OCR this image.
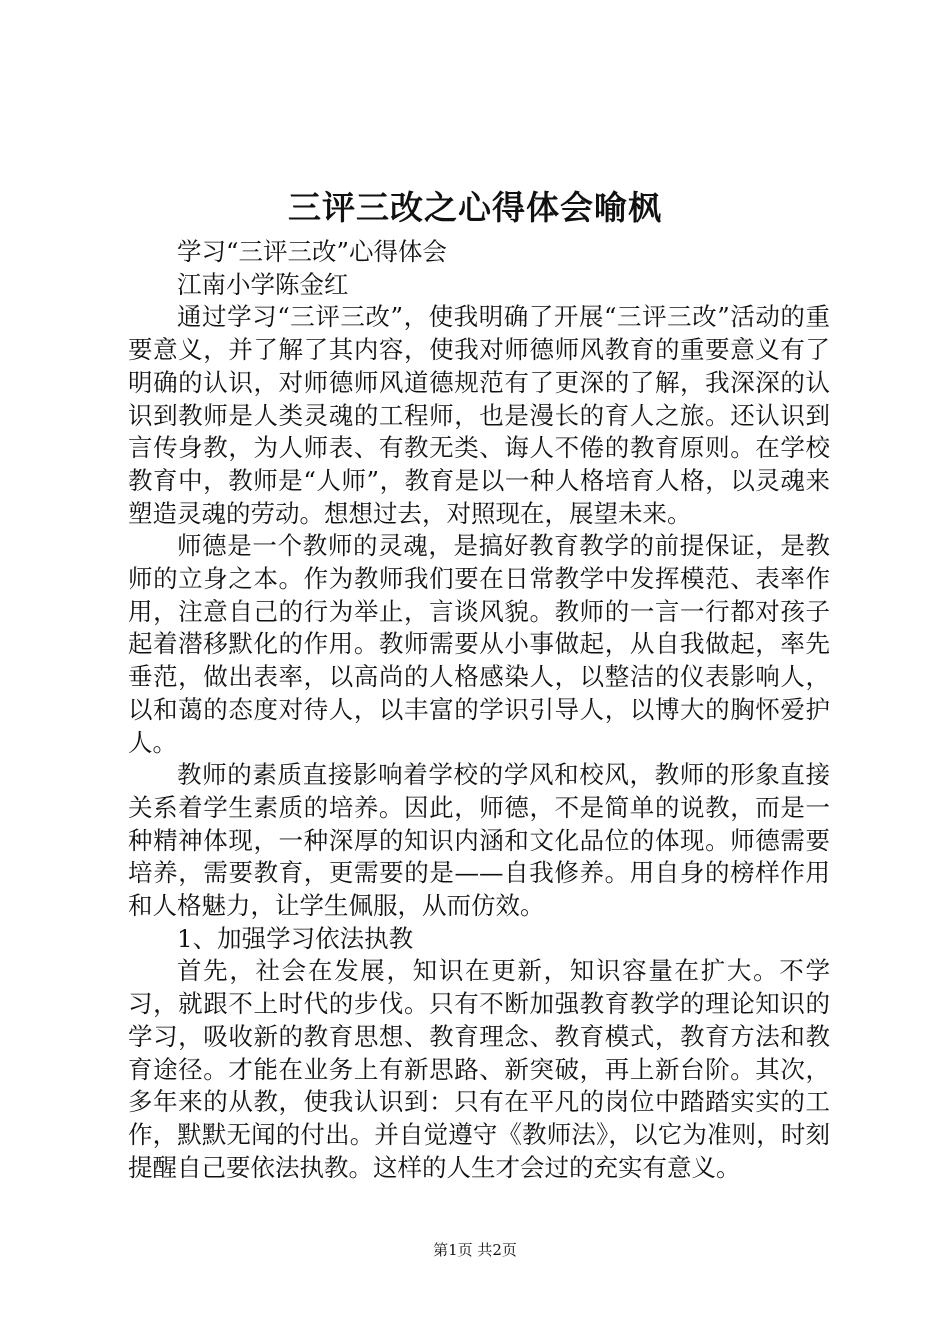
三评三改之心得体会喻枫

学习“三评三改”心得体会

江南小学陈金红

通过学习“三评三改”，使我明确了开展“三评三改”活动的重要意义，并了解了其内容，使我对师德师风教育的重要意义有了明确的认识，对师德师风道德规范有了更深的了解，我深深的认识到教师是人类灵魂的工程师，也是漫长的育人之旅。还认识到言传身教，为人师表、有教无类、诲人不倦的教育原则。在学校教育中，教师是“人师”，教育是以一种人格培育人格，以灵魂来塑造灵魂的劳动。想想过去，对照现在，展望未来。

师德是一个教师的灵魂，是搞好教育教学的前提保证，是教师的立身之本。作为教师我们要在日常教学中发挥模范、表率作用，注意自己的行为举止，言谈风貌。教师的一言一行都对孩子起着潜移默化的作用。教师需要从小事做起，从自我做起，率先垂范，做出表率，以高尚的人格感染人，以整洁的仪表影响人，以和蔼的态度对待人，以丰富的学识引导人，以博大的胸怀爱护人。

教师的素质直接影响着学校的学风和校风，教师的形象直接关系着学生素质的培养。因此，师德，不是简单的说教，而是一种精神体现，一种深厚的知识内涵和文化品位的体现。师德需要培养，需要教育，更需要的是——自我修养。用自身的榜样作用和人格魅力，让学生佩服，从而仿效。

1、加强学习依法执教

首先，社会在发展，知识在更新，知识容量在扩大。不学习，就跟不上时代的步伐。只有不断加强教育教学的理论知识的学习，吸收新的教育思想、教育理念、教育模式，教育方法和教育途径。才能在业务上有新思路、新突破，再上新台阶。其次，多年来的从教，使我认识到：只有在平凡的岗位中踏踏实实的工作，默默无闻的付出。并自觉遵守《教师法》，以它为准则，时刻提醒自己要依法执教。这样的人生才会过的充实有意义。

第1页 共2页
